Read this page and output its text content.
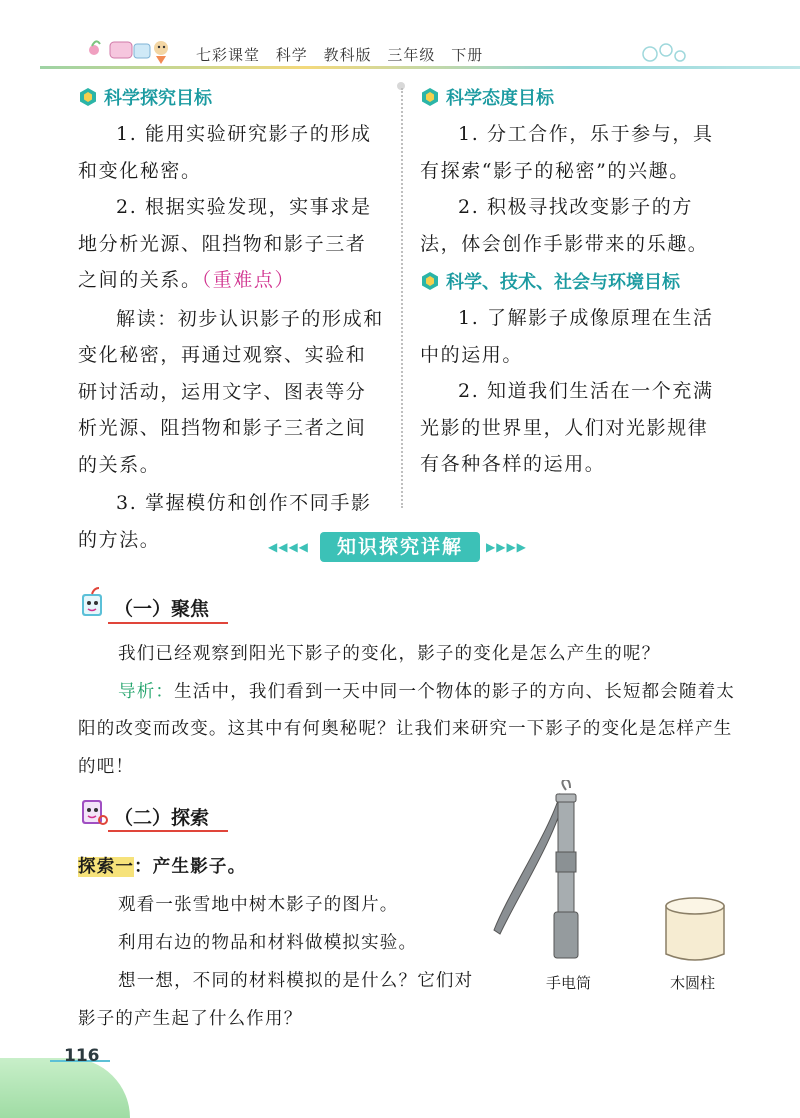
七彩课堂 科学 教科版 三年级 下册
科学探究目标

1. 能用实验研究影子的形成和变化秘密。

2. 根据实验发现，实事求是地分析光源、阻挡物和影子三者之间的关系。（重难点）

解读：初步认识影子的形成和变化秘密，再通过观察、实验和研讨活动，运用文字、图表等分析光源、阻挡物和影子三者之间的关系。

3. 掌握模仿和创作不同手影的方法。

科学态度目标

1. 分工合作，乐于参与，具有探索“影子的秘密”的兴趣。

2. 积极寻找改变影子的方法，体会创作手影带来的乐趣。

科学、技术、社会与环境目标

1. 了解影子成像原理在生活中的运用。

2. 知道我们生活在一个充满光影的世界里，人们对光影规律有各种各样的运用。

◀◀◀◀	知识探究详解	▶▶▶▶
（一）聚焦

我们已经观察到阳光下影子的变化，影子的变化是怎么产生的呢？

导析：生活中，我们看到一天中同一个物体的影子的方向、长短都会随着太阳的改变而改变。这其中有何奥秘呢？让我们来研究一下影子的变化是怎样产生的吧！

（二）探索
探索一：产生影子。
观看一张雪地中树木影子的图片。
利用右边的物品和材料做模拟实验。
想一想，不同的材料模拟的是什么？它们对影子的产生起了什么作用？
手电筒	木圆柱
116
